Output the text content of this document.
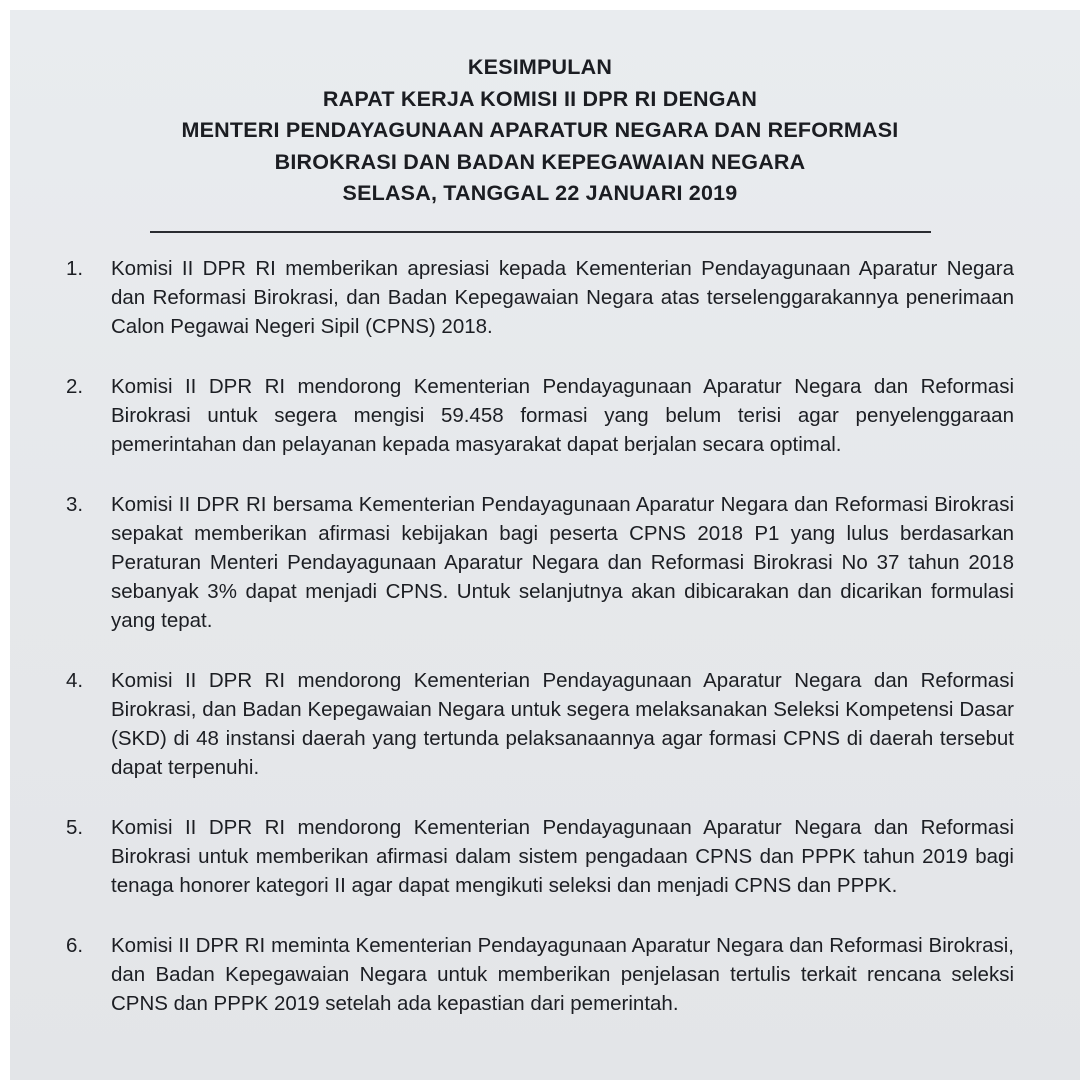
KESIMPULAN
RAPAT KERJA KOMISI II DPR RI DENGAN
MENTERI PENDAYAGUNAAN APARATUR NEGARA DAN REFORMASI
BIROKRASI DAN BADAN KEPEGAWAIAN NEGARA
SELASA, TANGGAL 22 JANUARI 2019
1.	Komisi II DPR RI memberikan apresiasi kepada Kementerian Pendayagunaan Aparatur Negara dan Reformasi Birokrasi, dan Badan Kepegawaian Negara atas terselenggarakannya penerimaan Calon Pegawai Negeri Sipil (CPNS) 2018.
2.	Komisi II DPR RI mendorong Kementerian Pendayagunaan Aparatur Negara dan Reformasi Birokrasi untuk segera mengisi 59.458 formasi yang belum terisi agar penyelenggaraan pemerintahan dan pelayanan kepada masyarakat dapat berjalan secara optimal.
3.	Komisi II DPR RI bersama Kementerian Pendayagunaan Aparatur Negara dan Reformasi Birokrasi sepakat memberikan afirmasi kebijakan bagi peserta CPNS 2018 P1 yang lulus berdasarkan Peraturan Menteri Pendayagunaan Aparatur Negara dan Reformasi Birokrasi No 37 tahun 2018 sebanyak 3% dapat menjadi CPNS. Untuk selanjutnya akan dibicarakan dan dicarikan formulasi yang tepat.
4.	Komisi II DPR RI mendorong Kementerian Pendayagunaan Aparatur Negara dan Reformasi Birokrasi, dan Badan Kepegawaian Negara untuk segera melaksanakan Seleksi Kompetensi Dasar (SKD) di 48 instansi daerah yang tertunda pelaksanaannya agar formasi CPNS di daerah tersebut dapat terpenuhi.
5.	Komisi II DPR RI mendorong Kementerian Pendayagunaan Aparatur Negara dan Reformasi Birokrasi untuk memberikan afirmasi dalam sistem pengadaan CPNS dan PPPK tahun 2019 bagi tenaga honorer kategori II agar dapat mengikuti seleksi dan menjadi CPNS dan PPPK.
6.	Komisi II DPR RI meminta Kementerian Pendayagunaan Aparatur Negara dan Reformasi Birokrasi, dan Badan Kepegawaian Negara untuk memberikan penjelasan tertulis terkait rencana seleksi CPNS dan PPPK 2019 setelah ada kepastian dari pemerintah.
